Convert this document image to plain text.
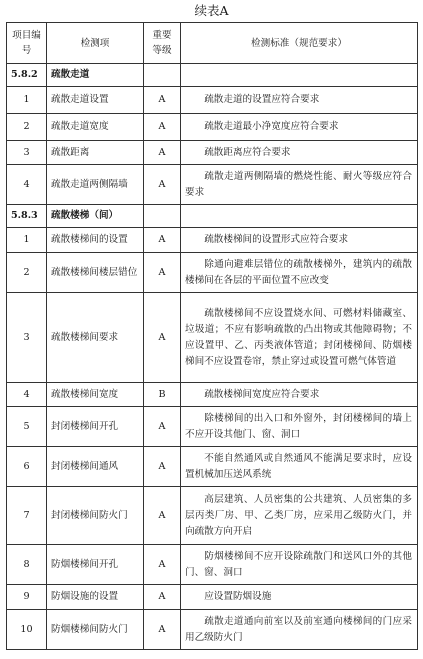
续表A
项目编号	检测项	重要等级	检测标准（规范要求）
5.8.2	疏散走道		
1	疏散走道设置	A	疏散走道的设置应符合要求
2	疏散走道宽度	A	疏散走道最小净宽度应符合要求
3	疏散距离	A	疏散距离应符合要求
4	疏散走道两侧隔墙	A	疏散走道两侧隔墙的燃烧性能、耐火等级应符合要求
5.8.3	疏散楼梯（间）		
1	疏散楼梯间的设置	A	疏散楼梯间的设置形式应符合要求
2	疏散楼梯间楼层错位	A	除通向避难层错位的疏散楼梯外，建筑内的疏散楼梯间在各层的平面位置不应改变
3	疏散楼梯间要求	A	疏散楼梯间不应设置烧水间、可燃材料储藏室、垃圾道；不应有影响疏散的凸出物或其他障碍物；不应设置甲、乙、丙类液体管道；封闭楼梯间、防烟楼梯间不应设置卷帘，禁止穿过或设置可燃气体管道
4	疏散楼梯间宽度	B	疏散楼梯间宽度应符合要求
5	封闭楼梯间开孔	A	除楼梯间的出入口和外窗外，封闭楼梯间的墙上不应开设其他门、窗、洞口
6	封闭楼梯间通风	A	不能自然通风或自然通风不能满足要求时，应设置机械加压送风系统
7	封闭楼梯间防火门	A	高层建筑、人员密集的公共建筑、人员密集的多层丙类厂房、甲、乙类厂房，应采用乙级防火门，并向疏散方向开启
8	防烟楼梯间开孔	A	防烟楼梯间不应开设除疏散门和送风口外的其他门、窗、洞口
9	防烟设施的设置	A	应设置防烟设施
10	防烟楼梯间防火门	A	疏散走道通向前室以及前室通向楼梯间的门应采用乙级防火门
